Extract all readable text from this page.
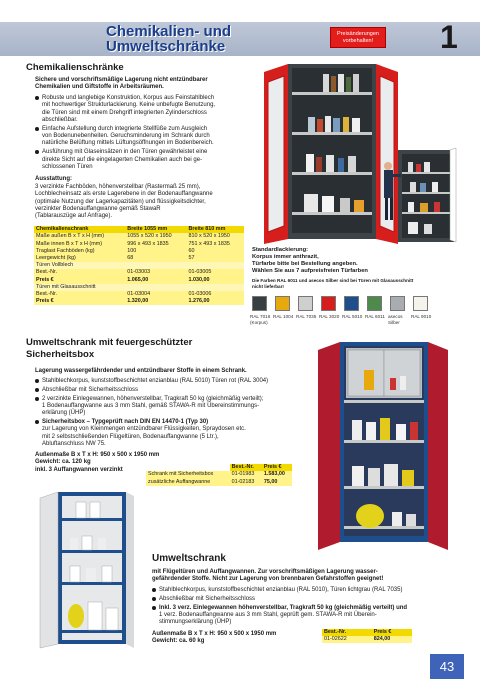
Chemikalien- und
Umweltschränke
Preisänderungen
vorbehalten!	1
Chemikalienschränke
Sichere und vorschriftsmäßige Lagerung nicht entzündbarer
Chemikalien und Giftstoffe in Arbeitsräumen.
Robuste und langlebige Konstruktion, Korpus aus Feinstahlblech
mit hochwertiger Strukturlackierung. Keine unbefugte Benutzung,
die Türen sind mit einem Drehgriff integrierten Zylinderschloss
abschließbar.
Einfache Aufstellung durch integrierte Stellfüße zum Ausgleich
von Bodenunebenheiten. Geruchsminderung im Schrank durch
natürliche Belüftung mittels Lüftungsöffnungen im Bodenbereich.
Ausführung mit Glaseinsätzen in den Türen gewährleistet eine
direkte Sicht auf die eingelagerten Chemikalien auch bei ge-
schlossenen Türen
Ausstattung:
3 verzinkte Fachböden, höhenverstellbar (Rastermaß 25 mm),
Lochblecheinsatz als erste Lagerebene in der Bodenauffangwanne
(optimale Nutzung der Lagerkapazitäten) und flüssigkeitsdichter,
verzinkter Bodenauffangwanne gemäß StawaR
(Tablarauszüge auf Anfrage).
Chemikalienschrank	Breite 1055 mm	Breite 810 mm
Maße außen B x T x H (mm)	1055 x 520 x 1950	810 x 520 x 1950
Maße innen B x T x H (mm)	996 x 493 x 1835	751 x 493 x 1835
Traglast Fachböden (kg)	100	60
Leergewicht (kg)	68	57
Türen Vollblech		
Best.-Nr.	01-03003	01-03005
Preis €	1.065,00	1.030,00
Türen mit Glasausschnitt		
Best.-Nr.	01-03004	01-03006
Preis €	1.320,00	1.276,00
Standardlackierung:
Korpus immer anthrazit,
Türfarbe bitte bei Bestellung angeben.
Wählen Sie aus 7 aufpreisfreien Türfarben
Die Farben RAL 6011 und asecos Silber sind bei Türen mit Glasausschnitt
nicht lieferbar!
RAL 7016
(Korpus)
RAL 1004 RAL 7035 RAL 3020 RAL 5010 RAL 6011 asecos
Silber
RAL 9010
Umweltschrank mit feuergeschützter
Sicherheitsbox
Lagerung wassergefährdender und entzündbarer Stoffe in einem Schrank.
Stahlblechkorpus, kunststoffbeschichtet enzianblau (RAL 5010) Türen rot (RAL 3004)
Abschließbar mit Sicherheitsschloss
2 verzinkte Einlegewannen, höhenverstellbar, Tragkraft 50 kg (gleichmäßig verteilt);
1 Bodenauffangwanne aus 3 mm Stahl, gemäß STAWA-R mit Übereinstimmungs-
erklärung (ÜHP)
Sicherheitsbox – Typgeprüft nach DIN EN 14470-1 (Typ 30)
zur Lagerung von Kleinmengen entzündbarer Flüssigkeiten, Spraydosen etc.
mit 2 selbstschließenden Flügeltüren, Bodenauffangwanne (5 Ltr.),
Abluftanschluss NW 75.
Außenmaße B x T x H: 950 x 500 x 1950 mm
Gewicht: ca. 120 kg
inkl. 3 Auffangwannen verzinkt
		Best.-Nr.	Preis €
Schrank mit Sicherheitsbox	01-01983	1.583,00
zusätzliche Auffangwanne	01-02183	75,00
Umweltschrank
mit Flügeltüren und Auffangwannen. Zur vorschriftsmäßigen Lagerung wasser-
gefährdender Stoffe. Nicht zur Lagerung von brennbaren Gefahrstoffen geeignet!
Stahlblechkorpus, kunststoffbeschichtet enzianblau (RAL 5010), Türen lichtgrau (RAL 7035)
Abschließbar mit Sicherheitsschloss
Inkl. 3 verz. Einlegewannen höhenverstellbar, Tragkraft 50 kg (gleichmäßig verteilt) und
1 verz. Bodenauffangwanne aus 3 mm Stahl, geprüft gem. STAWA-R mit Überein-
stimmungserklärung (ÜHP)
Außenmaße B x T x H: 950 x 500 x 1950 mm
Gewicht: ca. 60 kg
Best.-Nr.	Preis €
01-02622	824,00
43
